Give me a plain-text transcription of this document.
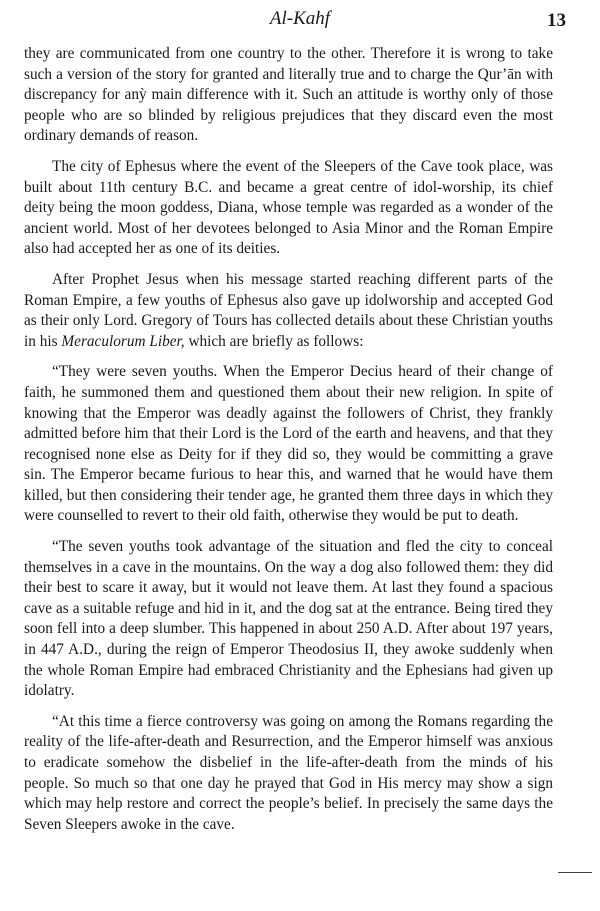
Al-Kahf	13

they are communicated from one country to the other. Therefore it is wrong to take such a version of the story for granted and literally true and to charge the Qur’ān with discrepancy for anỳ main difference with it. Such an attitude is worthy only of those people who are so blinded by religious prejudices that they discard even the most ordinary demands of reason.

The city of Ephesus where the event of the Sleepers of the Cave took place, was built about 11th century B.C. and became a great centre of idol-worship, its chief deity being the moon goddess, Diana, whose temple was regarded as a wonder of the ancient world. Most of her devotees belonged to Asia Minor and the Roman Empire also had accepted her as one of its deities.

After Prophet Jesus when his message started reaching different parts of the Roman Empire, a few youths of Ephesus also gave up idolworship and accepted God as their only Lord. Gregory of Tours has collected details about these Christian youths in his Meraculorum Liber, which are briefly as follows:

“They were seven youths. When the Emperor Decius heard of their change of faith, he summoned them and questioned them about their new religion. In spite of knowing that the Emperor was deadly against the followers of Christ, they frankly admitted before him that their Lord is the Lord of the earth and heavens, and that they recognised none else as Deity for if they did so, they would be committing a grave sin. The Emperor became furious to hear this, and warned that he would have them killed, but then considering their tender age, he granted them three days in which they were counselled to revert to their old faith, otherwise they would be put to death.

“The seven youths took advantage of the situation and fled the city to conceal themselves in a cave in the mountains. On the way a dog also followed them: they did their best to scare it away, but it would not leave them. At last they found a spacious cave as a suitable refuge and hid in it, and the dog sat at the entrance. Being tired they soon fell into a deep slumber. This happened in about 250 A.D. After about 197 years, in 447 A.D., during the reign of Emperor Theodosius II, they awoke suddenly when the whole Roman Empire had embraced Christianity and the Ephesians had given up idolatry.

“At this time a fierce controversy was going on among the Romans regarding the reality of the life-after-death and Resurrection, and the Emperor himself was anxious to eradicate somehow the disbelief in the life-after-death from the minds of his people. So much so that one day he prayed that God in His mercy may show a sign which may help restore and correct the people’s belief. In precisely the same days the Seven Sleepers awoke in the cave.
